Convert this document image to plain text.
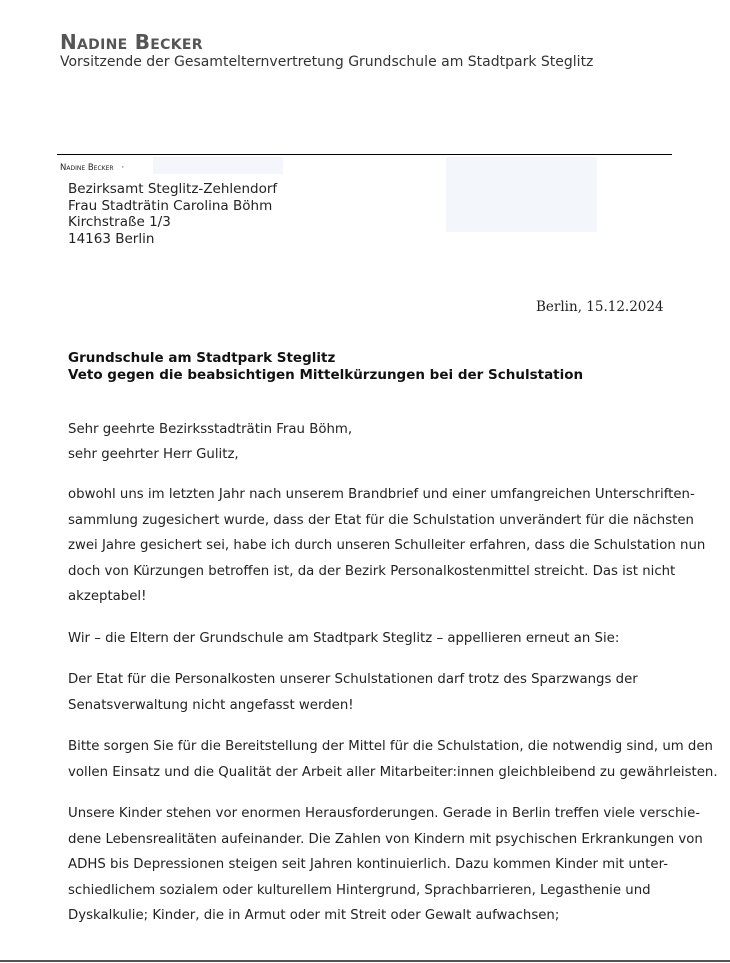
Nadine Becker
Vorsitzende der Gesamtelternvertretung Grundschule am Stadtpark Steglitz
Nadine Becker ·
Bezirksamt Steglitz-Zehlendorf
Frau Stadträtin Carolina Böhm
Kirchstraße 1/3
14163 Berlin
Berlin, 15.12.2024
Grundschule am Stadtpark Steglitz
Veto gegen die beabsichtigen Mittelkürzungen bei der Schulstation
Sehr geehrte Bezirksstadträtin Frau Böhm,
sehr geehrter Herr Gulitz,

obwohl uns im letzten Jahr nach unserem Brandbrief und einer umfangreichen Unterschriften-
sammlung zugesichert wurde, dass der Etat für die Schulstation unverändert für die nächsten
zwei Jahre gesichert sei, habe ich durch unseren Schulleiter erfahren, dass die Schulstation nun
doch von Kürzungen betroffen ist, da der Bezirk Personalkostenmittel streicht. Das ist nicht
akzeptabel!

Wir – die Eltern der Grundschule am Stadtpark Steglitz – appellieren erneut an Sie:

Der Etat für die Personalkosten unserer Schulstationen darf trotz des Sparzwangs der
Senatsverwaltung nicht angefasst werden!

Bitte sorgen Sie für die Bereitstellung der Mittel für die Schulstation, die notwendig sind, um den
vollen Einsatz und die Qualität der Arbeit aller Mitarbeiter:innen gleichbleibend zu gewährleisten.

Unsere Kinder stehen vor enormen Herausforderungen. Gerade in Berlin treffen viele verschie-
dene Lebensrealitäten aufeinander. Die Zahlen von Kindern mit psychischen Erkrankungen von
ADHS bis Depressionen steigen seit Jahren kontinuierlich. Dazu kommen Kinder mit unter-
schiedlichem sozialem oder kulturellem Hintergrund, Sprachbarrieren, Legasthenie und
Dyskalkulie; Kinder, die in Armut oder mit Streit oder Gewalt aufwachsen;
